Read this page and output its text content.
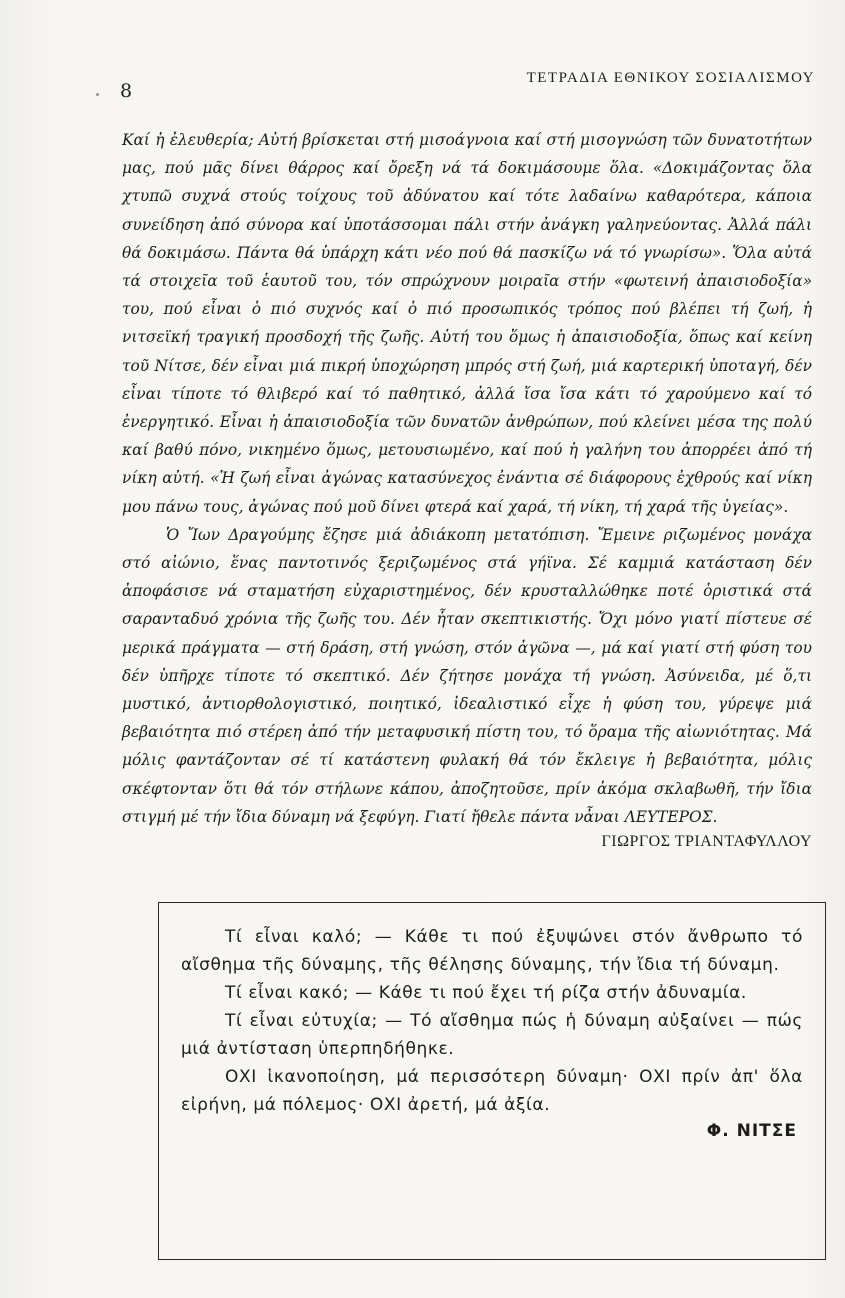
8
ΤΕΤΡΑΔΙΑ ΕΘΝΙΚΟΥ ΣΟΣΙΑΛΙΣΜΟΥ

Καί ἡ ἐλευθερία; Αὐτή βρίσκεται στή μισοάγνοια καί στή μισογνώση τῶν δυνατοτήτων μας, πού μᾶς δίνει θάρρος καί ὄρεξη νά τά δοκιμάσουμε ὅλα. «Δοκιμάζοντας ὅλα χτυπῶ συχνά στούς τοίχους τοῦ ἀδύνατου καί τότε λαδαίνω καθαρότερα, κάποια συνείδηση ἀπό σύνορα καί ὑποτάσσομαι πάλι στήν ἀνάγκη γαληνεύοντας. Ἀλλά πάλι θά δοκιμάσω. Πάντα θά ὑπάρχη κάτι νέο πού θά πασκίζω νά τό γνωρίσω». Ὅλα αὐτά τά στοιχεῖα τοῦ ἑαυτοῦ του, τόν σπρώχνουν μοιραῖα στήν «φωτεινή ἀπαισιοδοξία» του, πού εἶναι ὁ πιό συχνός καί ὁ πιό προσωπικός τρόπος πού βλέπει τή ζωή, ἡ νιτσεϊκή τραγική προσδοχή τῆς ζωῆς. Αὐτή του ὅμως ἡ ἀπαισιοδοξία, ὅπως καί κείνη τοῦ Νίτσε, δέν εἶναι μιά πικρή ὑποχώρηση μπρός στή ζωή, μιά καρτερική ὑποταγή, δέν εἶναι τίποτε τό θλιβερό καί τό παθητικό, ἀλλά ἴσα ἴσα κάτι τό χαρούμενο καί τό ἐνεργητικό. Εἶναι ἡ ἀπαισιοδοξία τῶν δυνατῶν ἀνθρώπων, πού κλείνει μέσα της πολύ καί βαθύ πόνο, νικημένο ὅμως, μετουσιωμένο, καί πού ἡ γαλήνη του ἀπορρέει ἀπό τή νίκη αὐτή. «Ἡ ζωή εἶναι ἀγώνας κατασύνεχος ἐνάντια σέ διάφορους ἐχθρούς καί νίκη μου πάνω τους, ἀγώνας πού μοῦ δίνει φτερά καί χαρά, τή νίκη, τή χαρά τῆς ὑγείας».

Ὁ Ἴων Δραγούμης ἔζησε μιά ἀδιάκοπη μετατόπιση. Ἔμεινε ριζωμένος μονάχα στό αἰώνιο, ἕνας παντοτινός ξεριζωμένος στά γήϊνα. Σέ καμμιά κατάσταση δέν ἀποφάσισε νά σταματήση εὐχαριστημένος, δέν κρυσταλλώθηκε ποτέ ὁριστικά στά σαρανταδυό χρόνια τῆς ζωῆς του. Δέν ἦταν σκεπτικιστής. Ὄχι μόνο γιατί πίστευε σέ μερικά πράγματα — στή δράση, στή γνώση, στόν ἀγῶνα —, μά καί γιατί στή φύση του δέν ὑπῆρχε τίποτε τό σκεπτικό. Δέν ζήτησε μονάχα τή γνώση. Ἀσύνειδα, μέ ὅ,τι μυστικό, ἀντιορθολογιστικό, ποιητικό, ἰδεαλιστικό εἶχε ἡ φύση του, γύρεψε μιά βεβαιότητα πιό στέρεη ἀπό τήν μεταφυσική πίστη του, τό ὅραμα τῆς αἰωνιότητας. Μά μόλις φαντάζονταν σέ τί κατάστενη φυλακή θά τόν ἔκλειγε ἡ βεβαιότητα, μόλις σκέφτονταν ὅτι θά τόν στήλωνε κάπου, ἀποζητοῦσε, πρίν ἀκόμα σκλαβωθῆ, τήν ἴδια στιγμή μέ τήν ἴδια δύναμη νά ξεφύγη. Γιατί ἤθελε πάντα νἆναι ΛΕΥΤΕΡΟΣ.

ΓΙΩΡΓΟΣ ΤΡΙΑΝΤΑΦΥΛΛΟΥ

Τί εἶναι καλό; — Κάθε τι πού ἐξυψώνει στόν ἄνθρωπο τό αἴσθημα τῆς δύναμης, τῆς θέλησης δύναμης, τήν ἴδια τή δύναμη.

Τί εἶναι κακό; — Κάθε τι πού ἔχει τή ρίζα στήν ἀδυναμία.

Τί εἶναι εὐτυχία; — Τό αἴσθημα πώς ἡ δύναμη αὐξαίνει — πώς μιά ἀντίσταση ὑπερπηδήθηκε.

ΟΧΙ ἱκανοποίηση, μά περισσότερη δύναμη· ΟΧΙ πρίν ἀπ' ὅλα εἰρήνη, μά πόλεμος· ΟΧΙ ἀρετή, μά ἀξία.

Φ. ΝΙΤΣΕ
